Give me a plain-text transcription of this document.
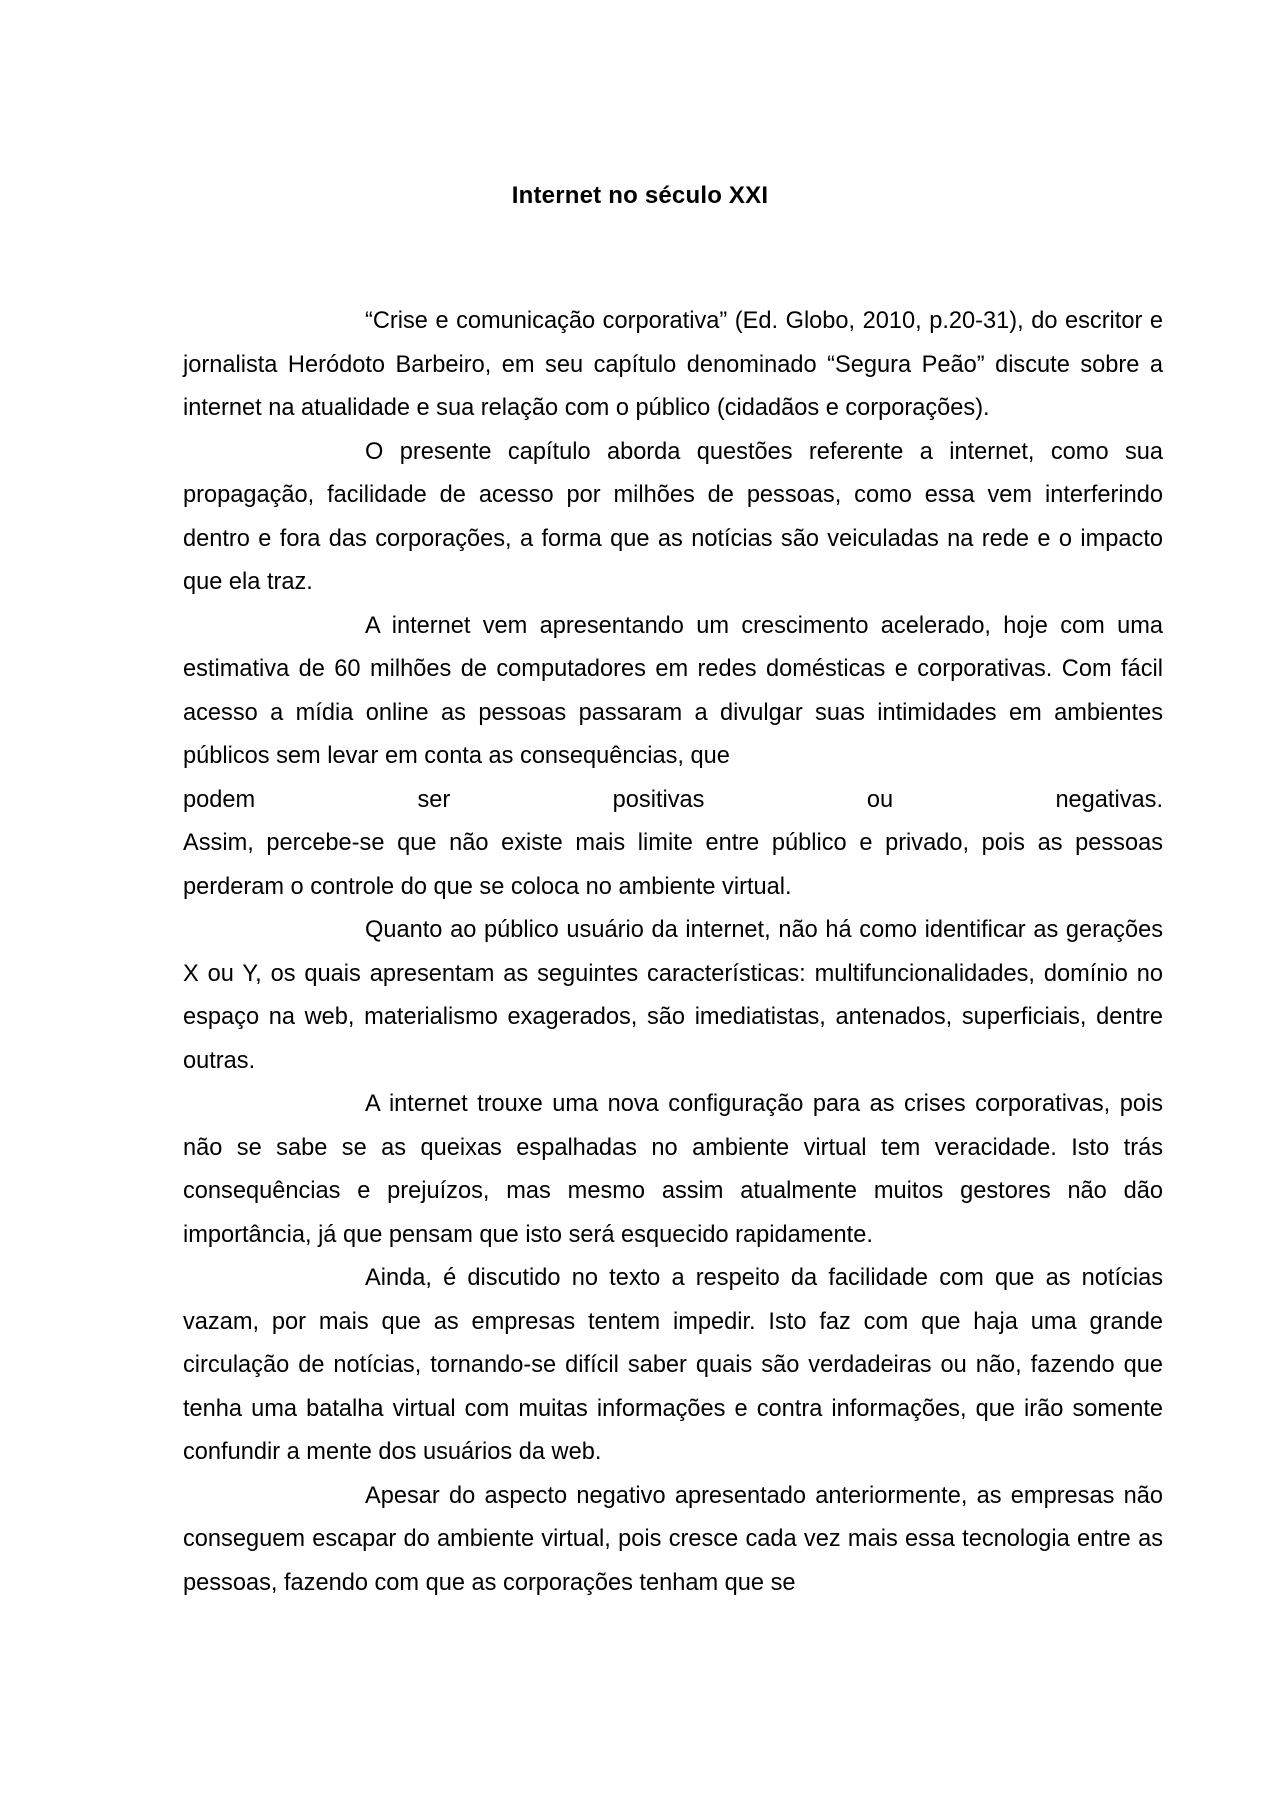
Internet no século XXI

“Crise e comunicação corporativa” (Ed. Globo, 2010, p.20-31), do escritor e jornalista Heródoto Barbeiro, em seu capítulo denominado “Segura Peão” discute sobre a internet na atualidade e sua relação com o público (cidadãos e corporações).

O presente capítulo aborda questões referente a internet, como sua propagação, facilidade de acesso por milhões de pessoas, como essa vem interferindo dentro e fora das corporações, a forma que as notícias são veiculadas na rede e o impacto que ela traz.

A internet vem apresentando um crescimento acelerado, hoje com uma estimativa de 60 milhões de computadores em redes domésticas e corporativas. Com fácil acesso a mídia online as pessoas passaram a divulgar suas intimidades em ambientes públicos sem levar em conta as consequências, que

podem ser positivas ou negativas.

Assim, percebe-se que não existe mais limite entre público e privado, pois as pessoas perderam o controle do que se coloca no ambiente virtual.

Quanto ao público usuário da internet, não há como identificar as gerações X ou Y, os quais apresentam as seguintes características: multifuncionalidades, domínio no espaço na web, materialismo exagerados, são imediatistas, antenados, superficiais, dentre outras.

A internet trouxe uma nova configuração para as crises corporativas, pois não se sabe se as queixas espalhadas no ambiente virtual tem veracidade. Isto trás consequências e prejuízos, mas mesmo assim atualmente muitos gestores não dão importância, já que pensam que isto será esquecido rapidamente.

Ainda, é discutido no texto a respeito da facilidade com que as notícias vazam, por mais que as empresas tentem impedir. Isto faz com que haja uma grande circulação de notícias, tornando-se difícil saber quais são verdadeiras ou não, fazendo que tenha uma batalha virtual com muitas informações e contra informações, que irão somente confundir a mente dos usuários da web.

Apesar do aspecto negativo apresentado anteriormente, as empresas não conseguem escapar do ambiente virtual, pois cresce cada vez mais essa tecnologia entre as pessoas, fazendo com que as corporações tenham que se
